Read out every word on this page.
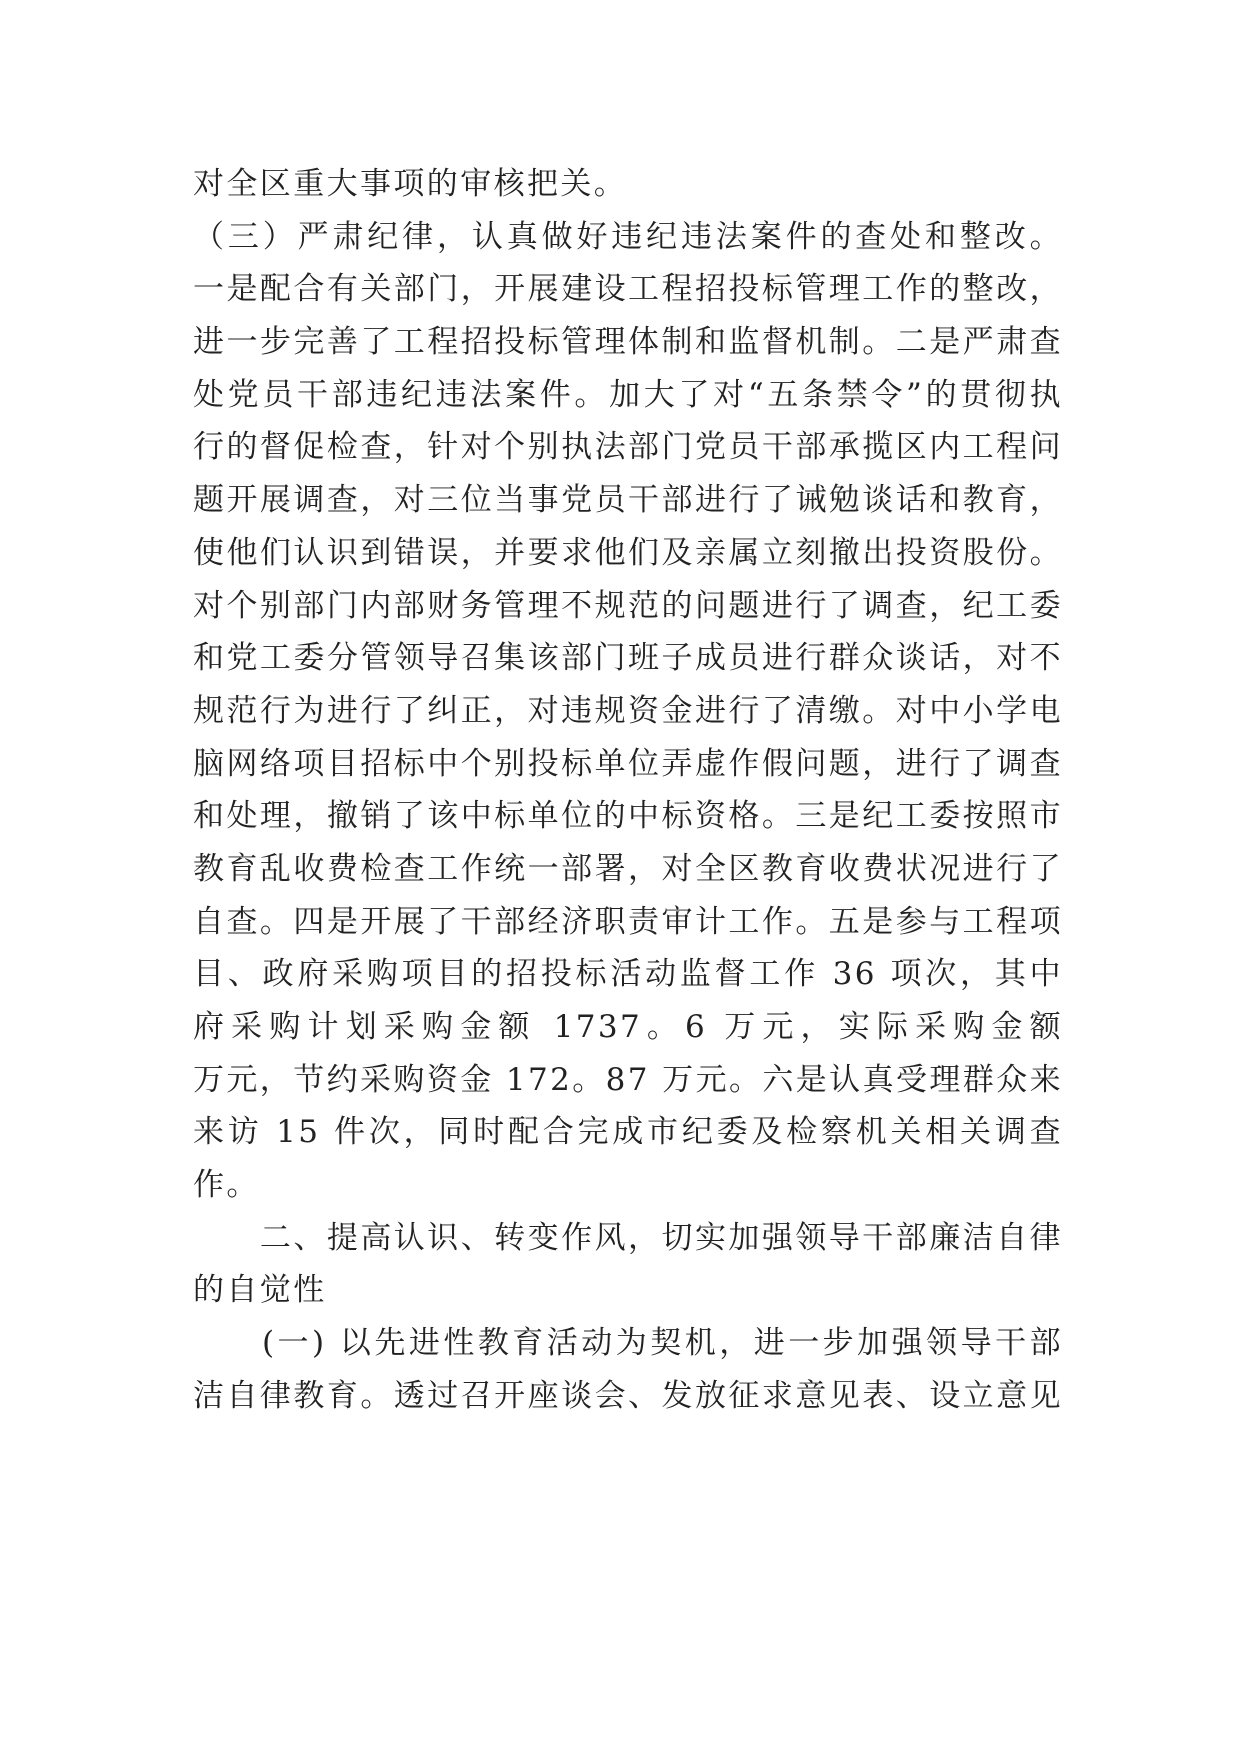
对全区重大事项的审核把关。
（三）严肃纪律，认真做好违纪违法案件的查处和整改。
一是配合有关部门，开展建设工程招投标管理工作的整改，
进一步完善了工程招投标管理体制和监督机制。二是严肃查
处党员干部违纪违法案件。加大了对“五条禁令”的贯彻执
行的督促检查，针对个别执法部门党员干部承揽区内工程问
题开展调查，对三位当事党员干部进行了诫勉谈话和教育，
使他们认识到错误，并要求他们及亲属立刻撤出投资股份。
对个别部门内部财务管理不规范的问题进行了调查，纪工委
和党工委分管领导召集该部门班子成员进行群众谈话，对不
规范行为进行了纠正，对违规资金进行了清缴。对中小学电
脑网络项目招标中个别投标单位弄虚作假问题，进行了调查
和处理，撤销了该中标单位的中标资格。三是纪工委按照市
教育乱收费检查工作统一部署，对全区教育收费状况进行了
自查。四是开展了干部经济职责审计工作。五是参与工程项
目、政府采购项目的招投标活动监督工作 36 项次，其中
府采购计划采购金额 1737。6 万元，实际采购金额
万元，节约采购资金 172。87 万元。六是认真受理群众来
来访 15 件次，同时配合完成市纪委及检察机关相关调查
作。
　　二、提高认识、转变作风，切实加强领导干部廉洁自律
的自觉性
　　(一) 以先进性教育活动为契机，进一步加强领导干部
洁自律教育。透过召开座谈会、发放征求意见表、设立意见
